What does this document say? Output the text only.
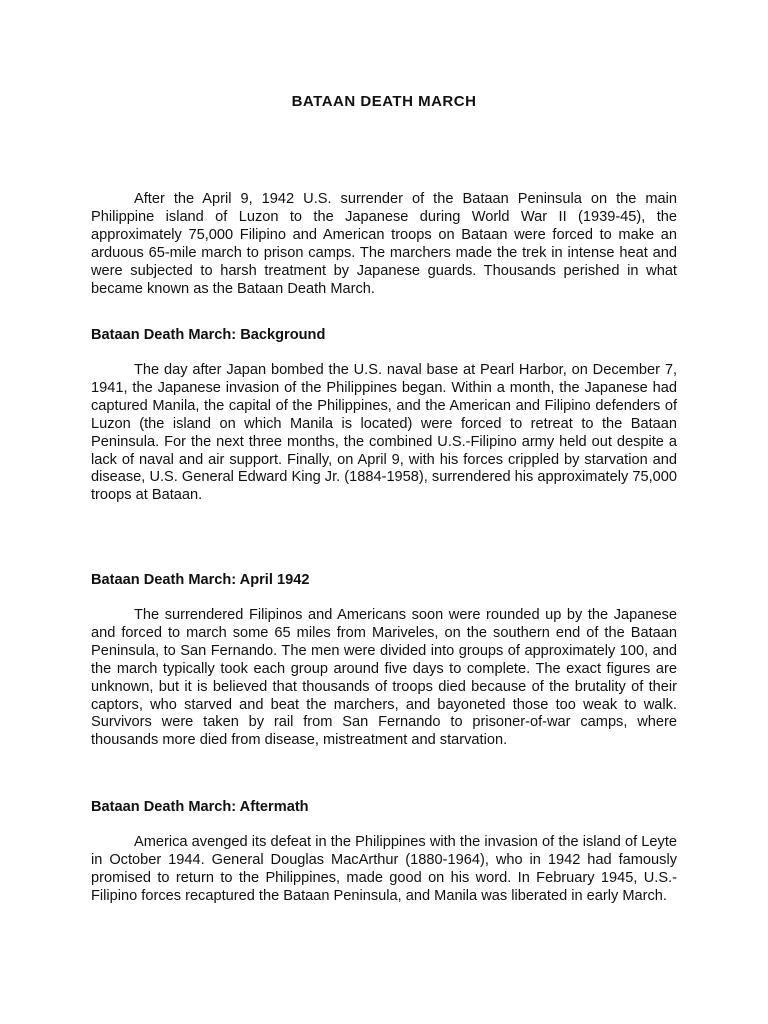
BATAAN DEATH MARCH

After the April 9, 1942 U.S. surrender of the Bataan Peninsula on the main Philippine island of Luzon to the Japanese during World War II (1939-45), the approximately 75,000 Filipino and American troops on Bataan were forced to make an arduous 65-mile march to prison camps. The marchers made the trek in intense heat and were subjected to harsh treatment by Japanese guards. Thousands perished in what became known as the Bataan Death March.

Bataan Death March: Background

The day after Japan bombed the U.S. naval base at Pearl Harbor, on December 7, 1941, the Japanese invasion of the Philippines began. Within a month, the Japanese had captured Manila, the capital of the Philippines, and the American and Filipino defenders of Luzon (the island on which Manila is located) were forced to retreat to the Bataan Peninsula. For the next three months, the combined U.S.-Filipino army held out despite a lack of naval and air support. Finally, on April 9, with his forces crippled by starvation and disease, U.S. General Edward King Jr. (1884-1958), surrendered his approximately 75,000 troops at Bataan.

Bataan Death March: April 1942

The surrendered Filipinos and Americans soon were rounded up by the Japanese and forced to march some 65 miles from Mariveles, on the southern end of the Bataan Peninsula, to San Fernando. The men were divided into groups of approximately 100, and the march typically took each group around five days to complete. The exact figures are unknown, but it is believed that thousands of troops died because of the brutality of their captors, who starved and beat the marchers, and bayoneted those too weak to walk. Survivors were taken by rail from San Fernando to prisoner-of-war camps, where thousands more died from disease, mistreatment and starvation.

Bataan Death March: Aftermath

America avenged its defeat in the Philippines with the invasion of the island of Leyte in October 1944. General Douglas MacArthur (1880-1964), who in 1942 had famously promised to return to the Philippines, made good on his word. In February 1945, U.S.-Filipino forces recaptured the Bataan Peninsula, and Manila was liberated in early March.
